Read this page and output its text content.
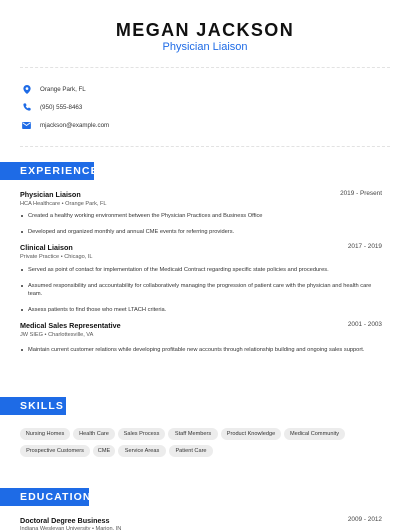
MEGAN JACKSON
Physician Liaison
Orange Park, FL
(950) 555-8463
mjackson@example.com
EXPERIENCE
Physician Liaison	2019 - Present
HCA Healthcare • Orange Park, FL
Created a healthy working environment between the Physician Practices and Business Office
Developed and organized monthly and annual CME events for referring providers.
Clinical Liaison	2017 - 2019
Private Practice • Chicago, IL
Served as point of contact for implementation of the Medicaid Contract regarding specific state policies and procedures.
Assumed responsibility and accountability for collaboratively managing the progression of patient care with the physician and health care team.
Assess patients to find those who meet LTACH criteria.
Medical Sales Representative	2001 - 2003
JW SIEG • Charlottesville, VA
Maintain current customer relations while developing profitable new accounts through relationship building and ongoing sales support.
SKILLS
Nursing Homes	Health Care	Sales Process	Staff Members	Product Knowledge	Medical Community
Prospective Customers	CME	Service Areas	Patient Care
EDUCATION
Doctoral Degree Business	2009 - 2012
Indiana Wesleyan University • Marion, IN
